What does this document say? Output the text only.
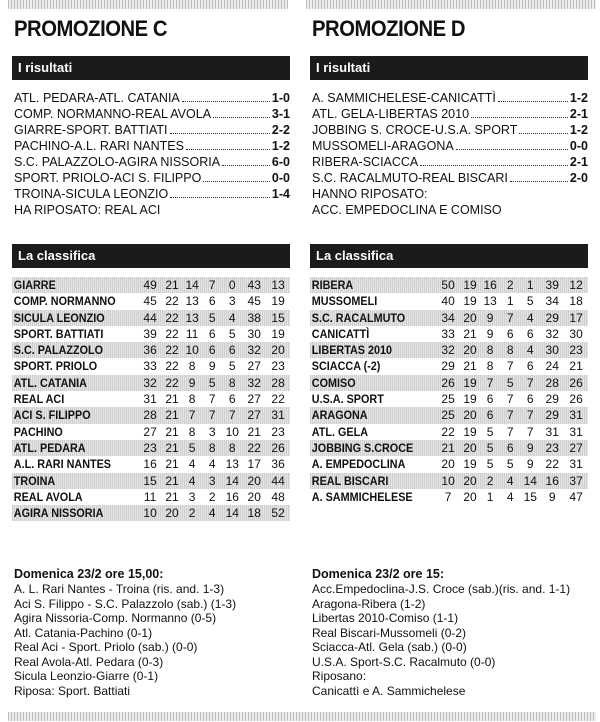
PROMOZIONE C
I risultati
ATL. PEDARA-ATL. CATANIA	1-0
COMP. NORMANNO-REAL AVOLA	3-1
GIARRE-SPORT. BATTIATI	2-2
PACHINO-A.L. RARI NANTES	1-2
S.C. PALAZZOLO-AGIRA NISSORIA	6-0
SPORT. PRIOLO-ACI S. FILIPPO	0-0
TROINA-SICULA LEONZIO	1-4
HA RIPOSATO: REAL ACI
La classifica
GIARRE	49 21 14 7	0 43 13
COMP. NORMANNO	45 22 13 6	3 45 19
SICULA LEONZIO	44 22 13 5	4 38 15
SPORT. BATTIATI	39 22 11 6	5 30 19
S.C. PALAZZOLO	36 22 10 6	6 32 20
SPORT. PRIOLO	33 22 8	9	5 27 23
ATL. CATANIA	32 22 9	5	8 32 28
REAL ACI	31 21 8	7	6 27 22
ACI S. FILIPPO	28 21 7	7	7 27 31
PACHINO	27 21 8	3 10 21 23
ATL. PEDARA	23 21 5	8	8 22 26
A.L. RARI NANTES	16 21 4	4 13 17 36
TROINA	15 21 4	3 14 20 44
REAL AVOLA	11 21 3	2 16 20 48
AGIRA NISSORIA	10 20 2	4 14 18 52
Domenica 23/2 ore 15,00:
A. L. Rari Nantes - Troina (ris. and. 1-3)
Aci S. Filippo - S.C. Palazzolo (sab.) (1-3)
Agira Nissoria-Comp. Normanno (0-5)
Atl. Catania-Pachino (0-1)
Real Aci - Sport. Priolo (sab.) (0-0)
Real Avola-Atl. Pedara (0-3)
Sicula Leonzio-Giarre (0-1)
Riposa: Sport. Battiati
PROMOZIONE D
I risultati
A. SAMMICHELESE-CANICATTÌ	1-2
ATL. GELA-LIBERTAS 2010	2-1
JOBBING S. CROCE-U.S.A. SPORT	1-2
MUSSOMELI-ARAGONA	0-0
RIBERA-SCIACCA	2-1
S.C. RACALMUTO-REAL BISCARI	2-0
HANNO RIPOSATO:
ACC. EMPEDOCLINA E COMISO
La classifica
RIBERA	50 19 16 2	1 39 12
MUSSOMELI	40 19 13 1	5 34 18
S.C. RACALMUTO	34 20 9	7	4 29 17
CANICATTÌ	33 21 9	6	6 32 30
LIBERTAS 2010	32 20 8	8	4 30 23
SCIACCA (-2)	29 21 8	7	6 24 21
COMISO	26 19 7	5	7 28 26
U.S.A. SPORT	25 19 6	7	6 29 26
ARAGONA	25 20 6	7	7 29 31
ATL. GELA	22 19 5	7	7 31 31
JOBBING S.CROCE	21 20 5	6	9 23 27
A. EMPEDOCLINA	20 19 5	5	9 22 31
REAL BISCARI	10 20 2	4 14 16 37
A. SAMMICHELESE	7 20 1	4 15 9	47
Domenica 23/2 ore 15:
Acc.Empedoclina-J.S. Croce (sab.)(ris. and. 1-1)
Aragona-Ribera (1-2)
Libertas 2010-Comiso (1-1)
Real Biscari-Mussomeli (0-2)
Sciacca-Atl. Gela (sab.) (0-0)
U.S.A. Sport-S.C. Racalmuto (0-0)
Riposano:
Canicattì e A. Sammichelese
